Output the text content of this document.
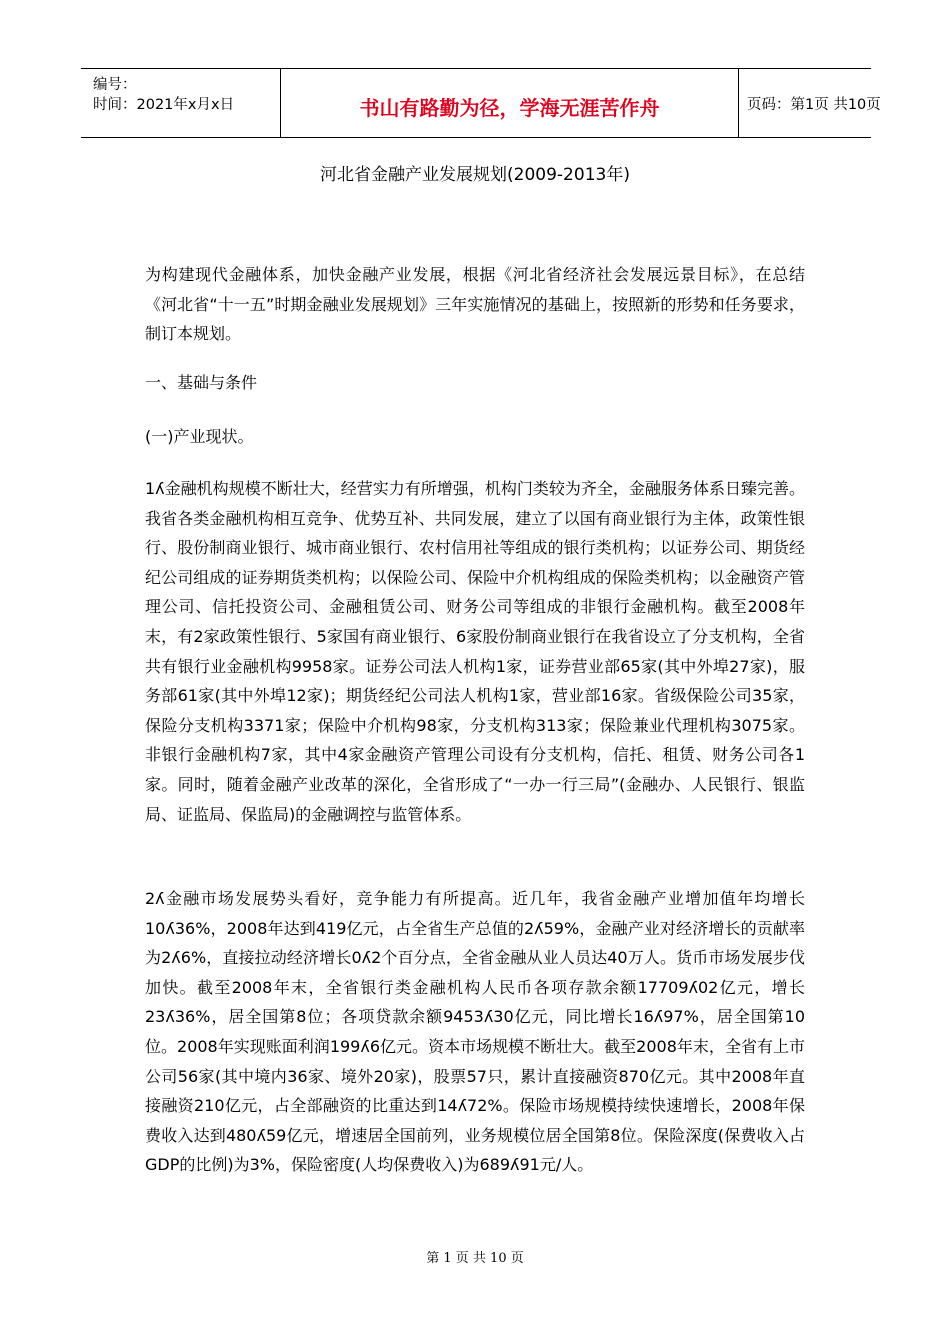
编号：
时间：2021年x月x日	书山有路勤为径，学海无涯苦作舟	页码：第1页 共10页
河北省金融产业发展规划(2009-2013年)

为构建现代金融体系，加快金融产业发展，根据《河北省经济社会发展远景目标》，在总结《河北省“十一五”时期金融业发展规划》三年实施情况的基础上，按照新的形势和任务要求，制订本规划。

一、基础与条件

(一)产业现状。

1ʎ金融机构规模不断壮大，经营实力有所增强，机构门类较为齐全，金融服务体系日臻完善。我省各类金融机构相互竞争、优势互补、共同发展，建立了以国有商业银行为主体，政策性银行、股份制商业银行、城市商业银行、农村信用社等组成的银行类机构；以证券公司、期货经纪公司组成的证券期货类机构；以保险公司、保险中介机构组成的保险类机构；以金融资产管理公司、信托投资公司、金融租赁公司、财务公司等组成的非银行金融机构。截至2008年末，有2家政策性银行、5家国有商业银行、6家股份制商业银行在我省设立了分支机构，全省共有银行业金融机构9958家。证券公司法人机构1家，证券营业部65家(其中外埠27家)，服务部61家(其中外埠12家)；期货经纪公司法人机构1家，营业部16家。省级保险公司35家，保险分支机构3371家；保险中介机构98家，分支机构313家；保险兼业代理机构3075家。非银行金融机构7家，其中4家金融资产管理公司设有分支机构，信托、租赁、财务公司各1家。同时，随着金融产业改革的深化，全省形成了“一办一行三局”(金融办、人民银行、银监局、证监局、保监局)的金融调控与监管体系。

2ʎ金融市场发展势头看好，竞争能力有所提高。近几年，我省金融产业增加值年均增长10ʎ36%，2008年达到419亿元，占全省生产总值的2ʎ59%，金融产业对经济增长的贡献率为2ʎ6%，直接拉动经济增长0ʎ2个百分点，全省金融从业人员达40万人。货币市场发展步伐加快。截至2008年末，全省银行类金融机构人民币各项存款余额17709ʎ02亿元，增长23ʎ36%，居全国第8位；各项贷款余额9453ʎ30亿元，同比增长16ʎ97%，居全国第10位。2008年实现账面利润199ʎ6亿元。资本市场规模不断壮大。截至2008年末，全省有上市公司56家(其中境内36家、境外20家)，股票57只，累计直接融资870亿元。其中2008年直接融资210亿元，占全部融资的比重达到14ʎ72%。保险市场规模持续快速增长，2008年保费收入达到480ʎ59亿元，增速居全国前列，业务规模位居全国第8位。保险深度(保费收入占GDP的比例)为3%，保险密度(人均保费收入)为689ʎ91元/人。

第 1 页 共 10 页
